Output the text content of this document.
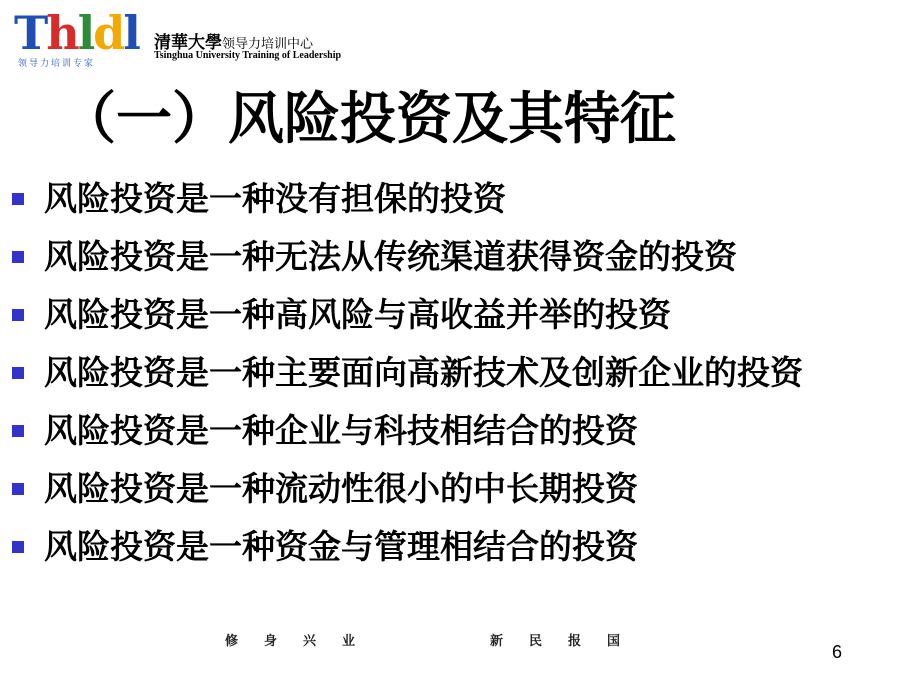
Thldl
领导力培训专家
清華大學领导力培训中心
Tsinghua University Training of Leadership
（一）风险投资及其特征
风险投资是一种没有担保的投资
风险投资是一种无法从传统渠道获得资金的投资
风险投资是一种高风险与高收益并举的投资
风险投资是一种主要面向高新技术及创新企业的投资
风险投资是一种企业与科技相结合的投资
风险投资是一种流动性很小的中长期投资
风险投资是一种资金与管理相结合的投资
修身兴业	新民报国
6
